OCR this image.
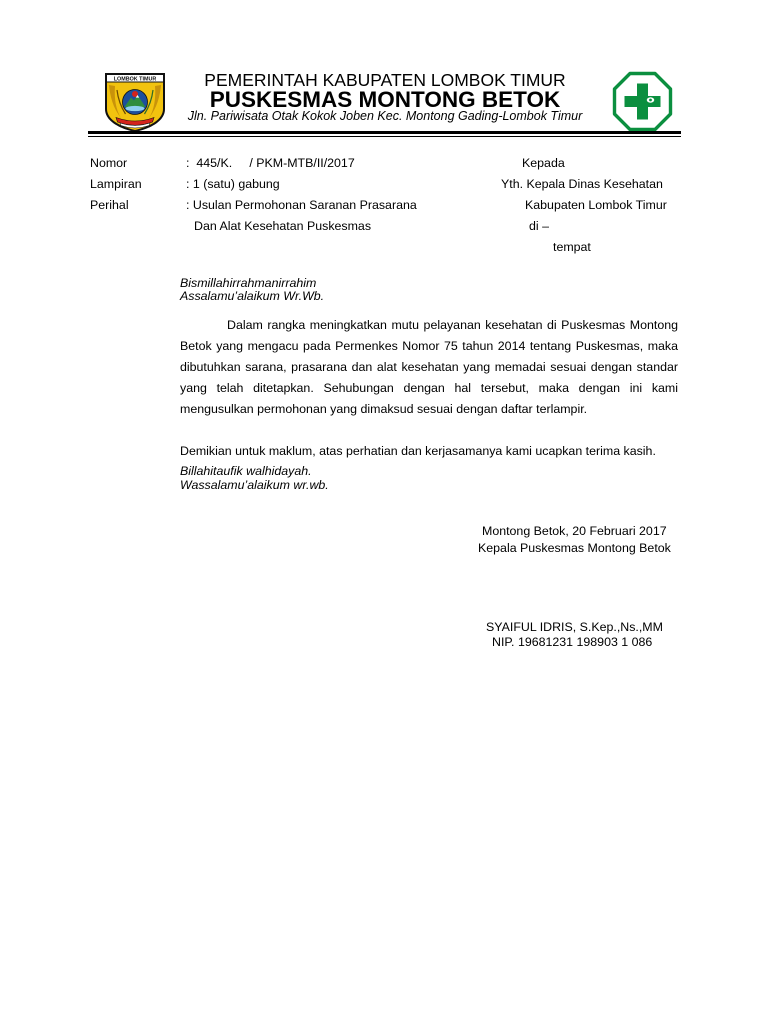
LOMBOK TIMUR	PEMERINTAH KABUPATEN LOMBOK TIMUR
PUSKESMAS MONTONG BETOK
Jln. Pariwisata Otak Kokok Joben Kec. Montong Gading-Lombok Timur
Nomor	:  445/K.     / PKM-MTB/II/2017
Lampiran	: 1 (satu) gabung
Perihal	: Usulan Permohonan Saranan Prasarana
Dan Alat Kesehatan Puskesmas
Kepada
Yth. Kepala Dinas Kesehatan
Kabupaten Lombok Timur
di –
tempat
Bismillahirrahmanirrahim
Assalamu’alaikum Wr.Wb.
Dalam rangka meningkatkan mutu pelayanan kesehatan di Puskesmas Montong
Betok yang mengacu pada Permenkes Nomor 75 tahun 2014 tentang Puskesmas, maka
dibutuhkan sarana, prasarana dan alat kesehatan yang memadai sesuai dengan standar
yang telah ditetapkan. Sehubungan dengan hal tersebut, maka dengan ini kami
mengusulkan permohonan yang dimaksud sesuai dengan daftar terlampir.
Demikian untuk maklum, atas perhatian dan kerjasamanya kami ucapkan terima kasih.
Billahitaufik walhidayah.
Wassalamu’alaikum wr.wb.
Montong Betok, 20 Februari 2017
Kepala Puskesmas Montong Betok
SYAIFUL IDRIS, S.Kep.,Ns.,MM
NIP. 19681231 198903 1 086
